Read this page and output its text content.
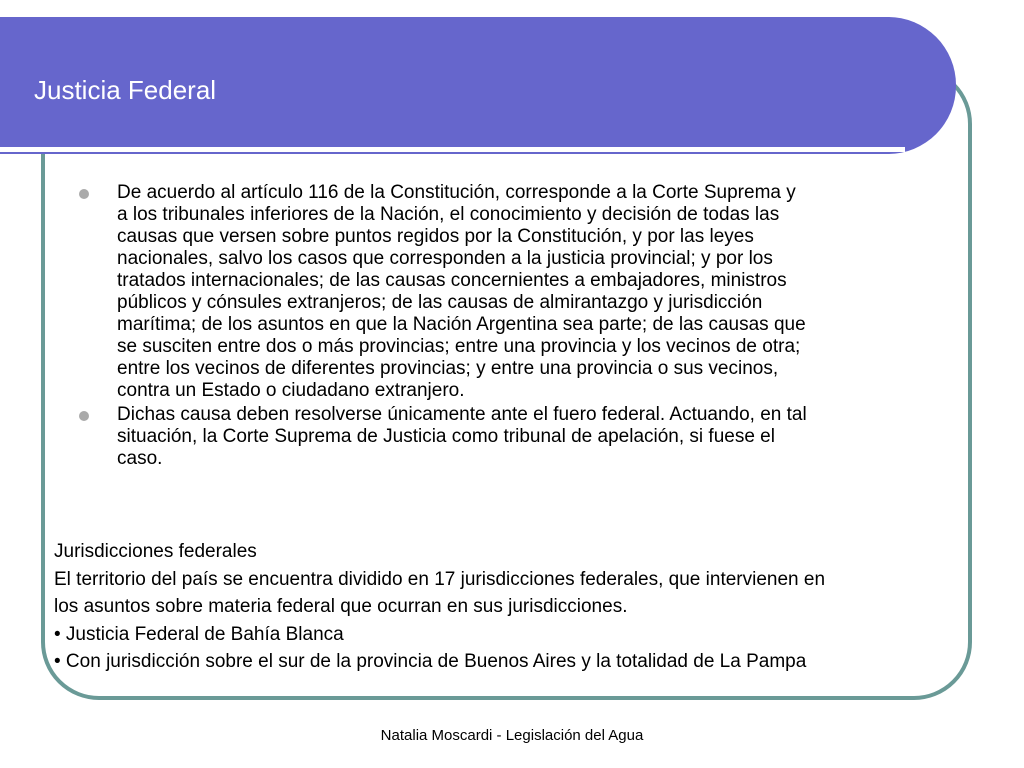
Justicia Federal
De acuerdo al artículo 116 de la Constitución, corresponde a la Corte Suprema y
a los tribunales inferiores de la Nación, el conocimiento y decisión de todas las
causas que versen sobre puntos regidos por la Constitución, y por las leyes
nacionales, salvo los casos que corresponden a la justicia provincial; y por los
tratados internacionales; de las causas concernientes a embajadores, ministros
públicos y cónsules extranjeros; de las causas de almirantazgo y jurisdicción
marítima; de los asuntos en que la Nación Argentina sea parte; de las causas que
se susciten entre dos o más provincias; entre una provincia y los vecinos de otra;
entre los vecinos de diferentes provincias; y entre una provincia o sus vecinos,
contra un Estado o ciudadano extranjero.
Dichas causa deben resolverse únicamente ante el fuero federal. Actuando, en tal
situación, la Corte Suprema de Justicia como tribunal de apelación, si fuese el
caso.
Jurisdicciones federales
El territorio del país se encuentra dividido en 17 jurisdicciones federales, que intervienen en
los asuntos sobre materia federal que ocurran en sus jurisdicciones.
• Justicia Federal de Bahía Blanca
• Con jurisdicción sobre el sur de la provincia de Buenos Aires y la totalidad de La Pampa
Natalia Moscardi - Legislación del Agua
